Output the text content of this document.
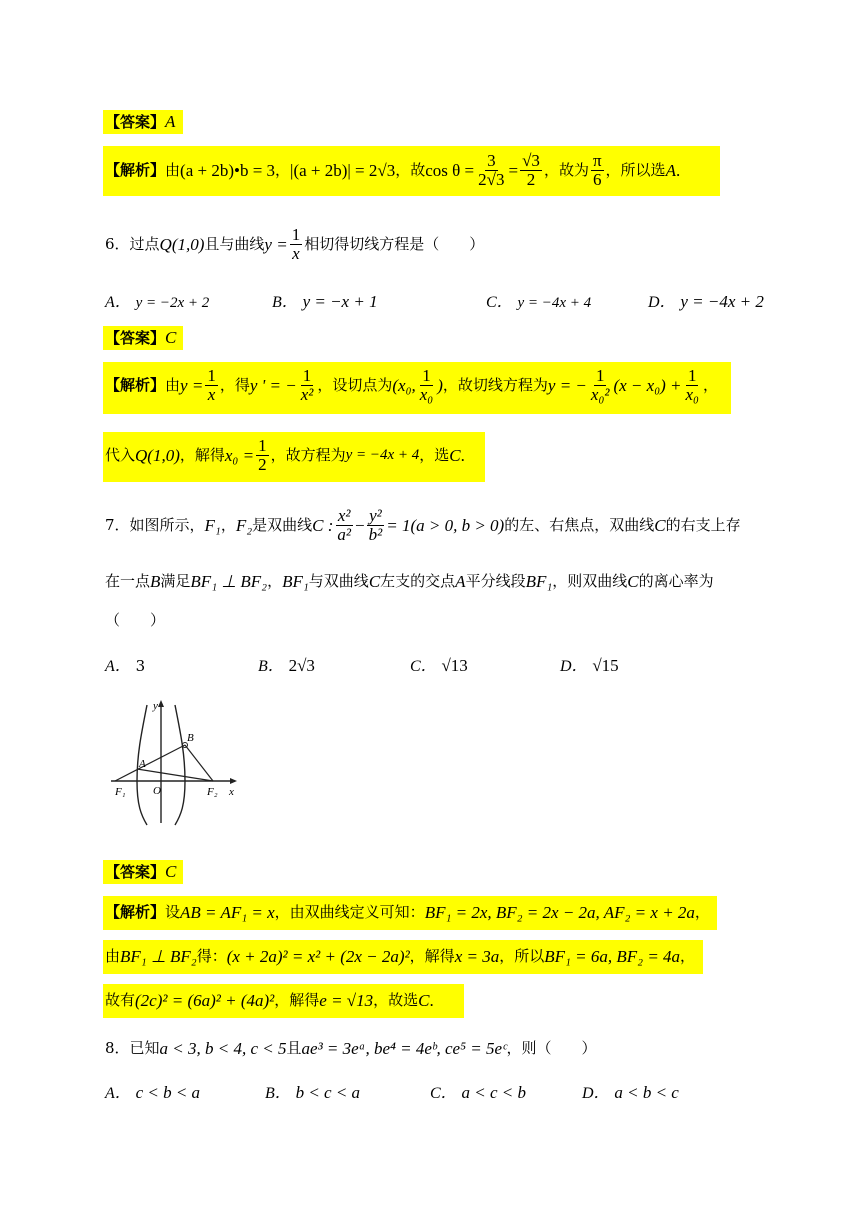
【答案】A
【解析】 由 (a + 2b)•b = 3 ， |(a + 2b)| = 2√3 ，故 $\cos \theta = \frac{3}{2√3} = \frac{√3}{2}$ ，故为 $\frac{\pi}{6}$ ，所以选 A .
6．过点 Q(1,0) 且与曲线 $y = \frac{1}{x}$ 相切得切线方程是（　　）
A． y = −2x + 2	B． y = −x + 1	C． y = −4x + 4	D． y = −4x + 2
【答案】C
【解析】 由 $y = \frac{1}{x}$ ，得 y ' = − $\frac{1}{\text{x²}}$ ，设切点为 (x₀, $\frac{1}{\text{x₀}}$ ) ，故切线方程为 y = − $\frac{1}{\text{x₀²}} (x - x_0) + \frac{1}{\text{x₀}}$ ，
代入 Q(1,0) ，解得 $x_0 = \frac{1}{2}$ ，故方程为 y = −4x + 4 ，选 C .
7．如图所示， F₁ ， F₂ 是双曲线 C : $\frac{\text{x²}}{\text{a²}} - \frac{\text{y²}}{\text{b²}} = 1(a > 0$, b > 0) 的左、右焦点，双曲线 C 的右支上存
在一点 B 满足 BF₁ ⊥ BF₂ ， BF₁ 与双曲线 C 左支的交点 A 平分线段 BF₁ ，则双曲线 C 的离心率为
（　　）
A． 3	B． 2√3	C． √13	D． √15
y
x
O
F₁	F₂
A
B
【答案】C
【解析】 设 AB = AF₁ = x ，由双曲线定义可知： BF₁ = 2x, BF₂ = 2x − 2a, AF₂ = x + 2a ，
由 BF₁ ⊥ BF₂ 得： (x + 2a)² = x² + (2x − 2a)² ，解得 x = 3a ，所以 BF₁ = 6a, BF₂ = 4a ，
故有 (2c)² = (6a)² + (4a)² ，解得 e = √13 ，故选 C .
8．已知 a < 3, b < 4, c < 5 且 ae³ = 3eᵃ, be⁴ = 4eᵇ, ce⁵ = 5eᶜ ，则（　　）
A． c < b < a	B． b < c < a	C． a < c < b	D． a < b < c
